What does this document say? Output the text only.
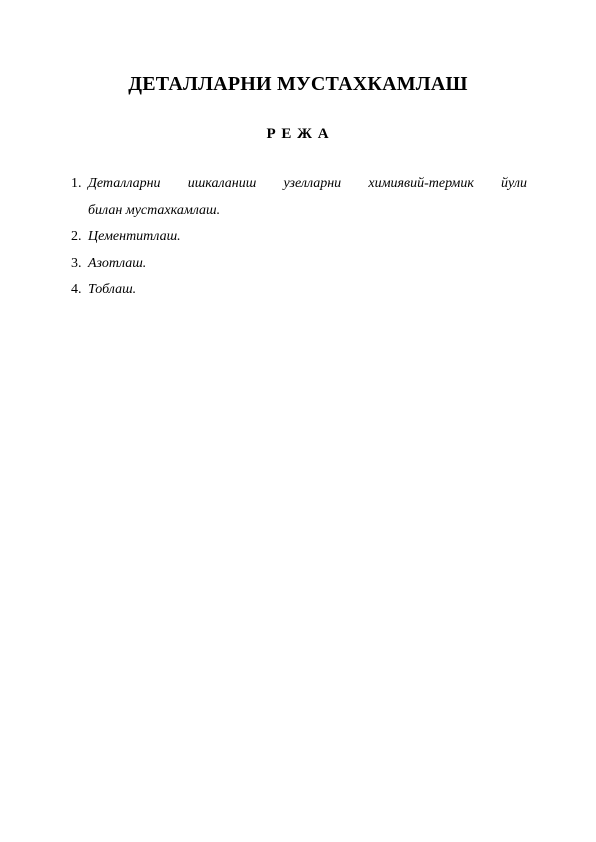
ДЕТАЛЛАРНИ МУСТАХКАМЛАШ
Р Е Ж А
1. Деталларни ишкаланиш узелларни химиявий-термик йули
билан мустахкамлаш.
2. Цементитлаш.
3. Азотлаш.
4. Тоблаш.
